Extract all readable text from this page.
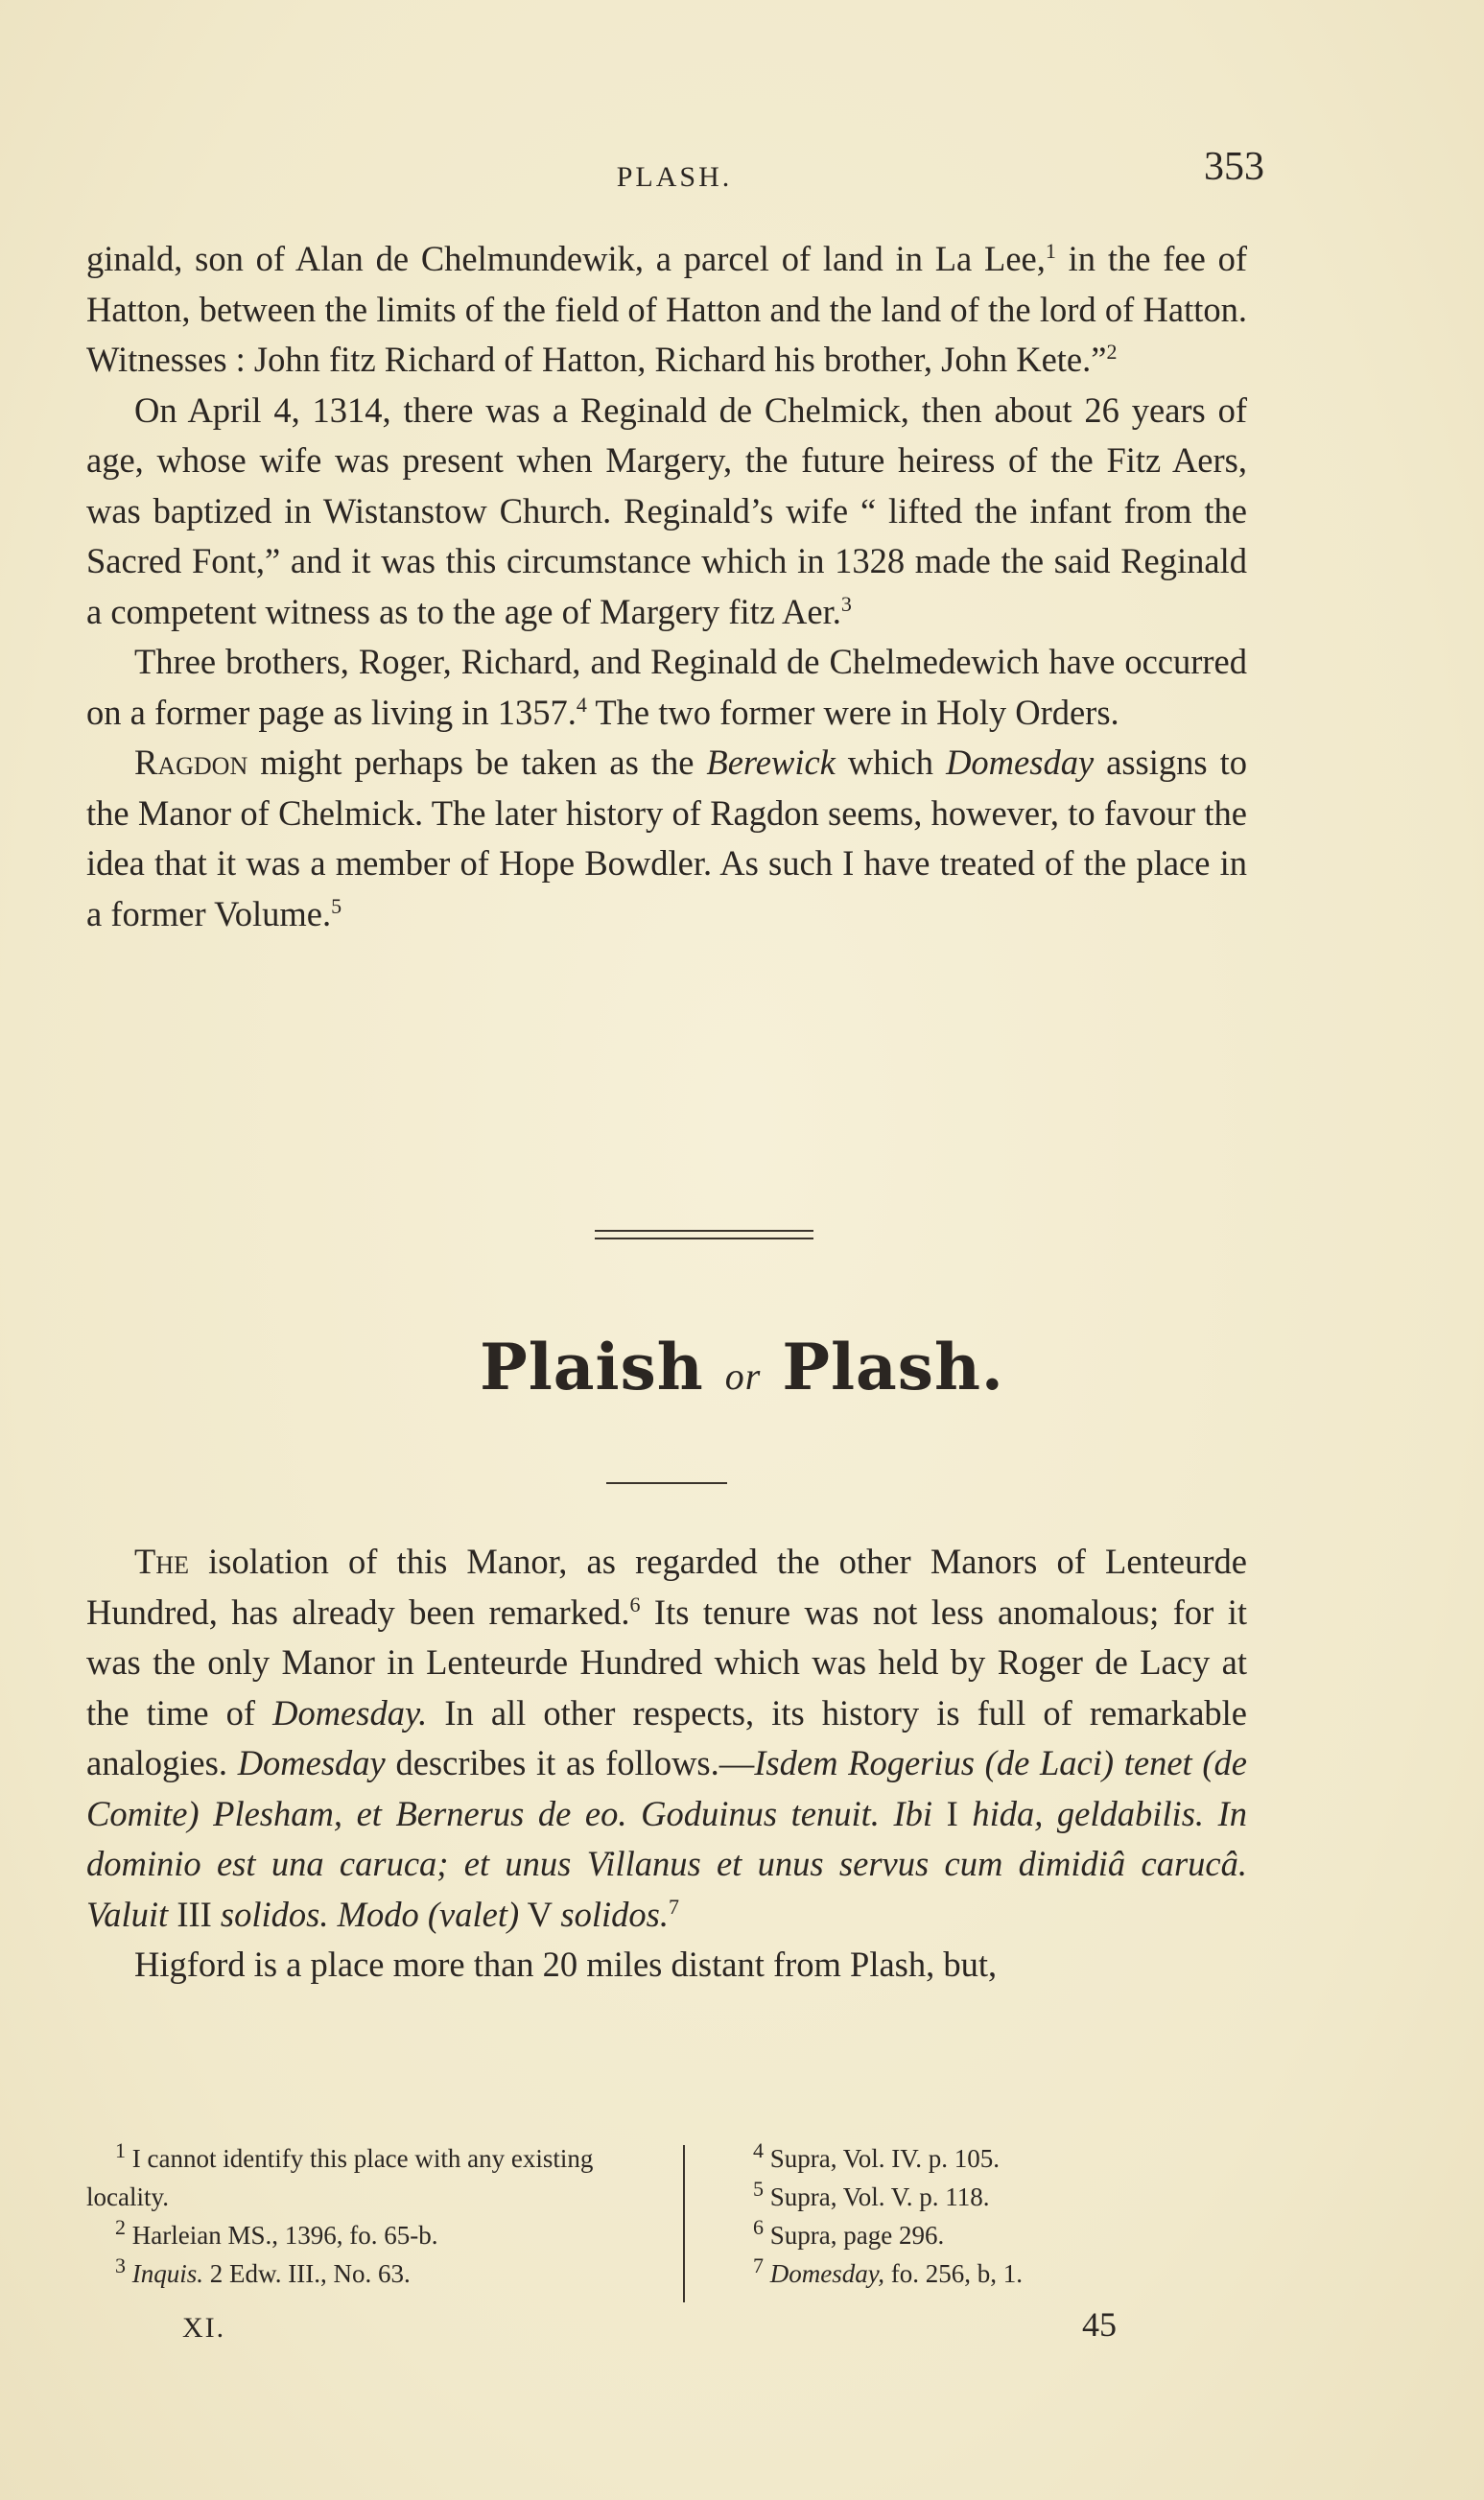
PLASH.	353

ginald, son of Alan de Chelmundewik, a parcel of land in La Lee,$^1$ in the fee of Hatton, between the limits of the field of Hatton and the land of the lord of Hatton. Witnesses : John fitz Richard of Hatton, Richard his brother, John Kete.”$^2$

On April 4, 1314, there was a Reginald de Chelmick, then about 26 years of age, whose wife was present when Margery, the future heiress of the Fitz Aers, was baptized in Wistanstow Church. Reginald’s wife “ lifted the infant from the Sacred Font,” and it was this circumstance which in 1328 made the said Reginald a competent witness as to the age of Margery fitz Aer.$^3$

Three brothers, Roger, Richard, and Reginald de Chelmedewich have occurred on a former page as living in 1357.$^4$ The two former were in Holy Orders.

Ragdon might perhaps be taken as the Berewick which Domesday assigns to the Manor of Chelmick. The later history of Ragdon seems, however, to favour the idea that it was a member of Hope Bowdler. As such I have treated of the place in a former Volume.$^5$

Plaish or Plash.

The isolation of this Manor, as regarded the other Manors of Lenteurde Hundred, has already been remarked.$^6$ Its tenure was not less anomalous; for it was the only Manor in Lenteurde Hundred which was held by Roger de Lacy at the time of Domesday. In all other respects, its history is full of remarkable analogies. Domesday describes it as follows.—Isdem Rogerius (de Laci) tenet (de Comite) Plesham, et Bernerus de eo. Goduinus tenuit. Ibi I hida, geldabilis. In dominio est una caruca; et unus Villanus et unus servus cum dimidiâ carucâ. Valuit III solidos. Modo (valet) V solidos.$^7$

Higford is a place more than 20 miles distant from Plash, but,

$^1$ I cannot identify this place with any existing locality.

$^2$ Harleian MS., 1396, fo. 65-b.

$^3$ Inquis. 2 Edw. III., No. 63.

$^4$ Supra, Vol. IV. p. 105.

$^5$ Supra, Vol. V. p. 118.

$^6$ Supra, page 296.

$^7$ Domesday, fo. 256, b, 1.

XI.	45
